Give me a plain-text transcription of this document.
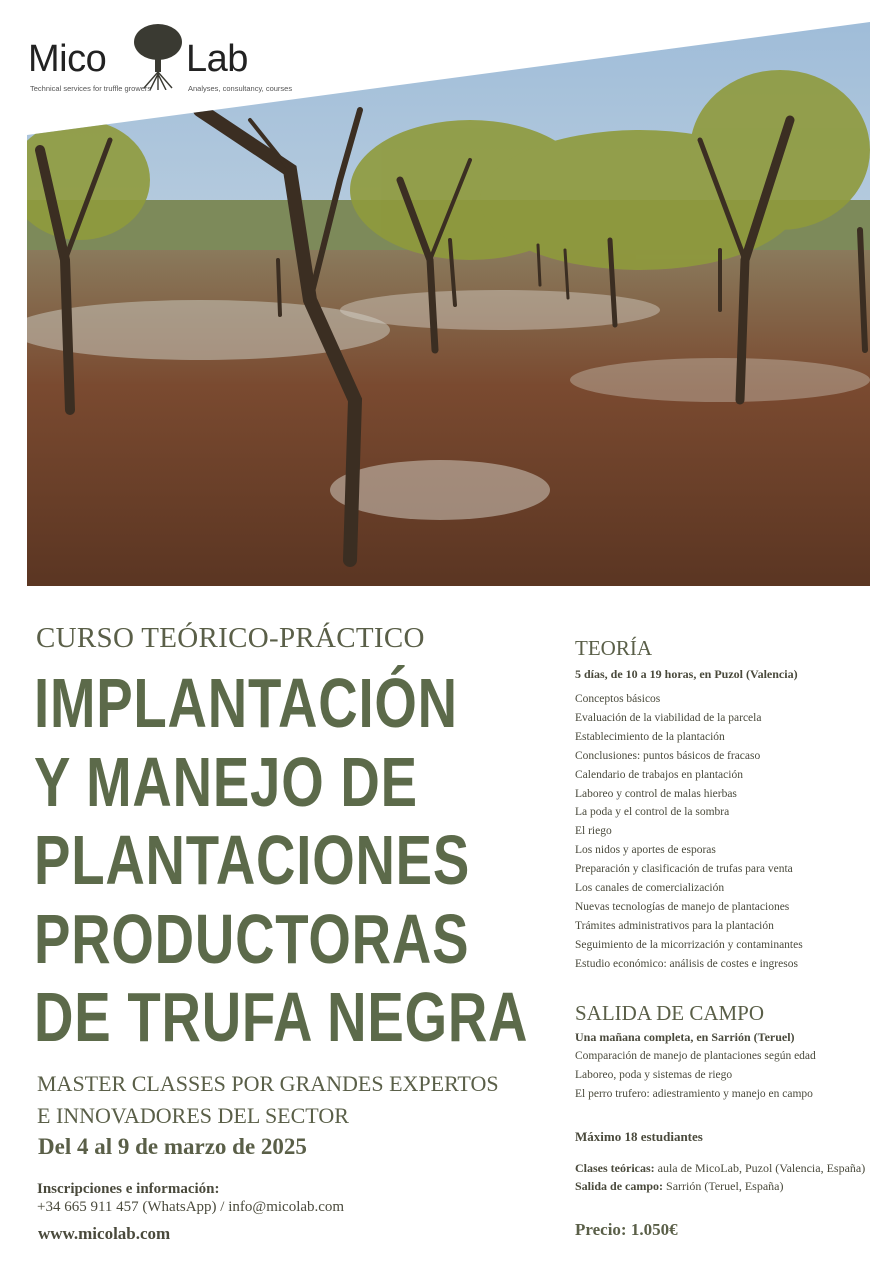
Mico Lab
Technical services for truffle growers	Analyses, consultancy, courses
CURSO TEÓRICO-PRÁCTICO
IMPLANTACIÓN
Y MANEJO DE
PLANTACIONES
PRODUCTORAS
DE TRUFA NEGRA
MASTER CLASSES POR GRANDES EXPERTOS
E INNOVADORES DEL SECTOR
Del 4 al 9 de marzo de 2025
Inscripciones e información:
+34 665 911 457 (WhatsApp) / info@micolab.com
www.micolab.com
TEORÍA
5 días, de 10 a 19 horas, en Puzol (Valencia)
Conceptos básicos
Evaluación de la viabilidad de la parcela
Establecimiento de la plantación
Conclusiones: puntos básicos de fracaso
Calendario de trabajos en plantación
Laboreo y control de malas hierbas
La poda y el control de la sombra
El riego
Los nidos y aportes de esporas
Preparación y clasificación de trufas para venta
Los canales de comercialización
Nuevas tecnologías de manejo de plantaciones
Trámites administrativos para la plantación
Seguimiento de la micorrización y contaminantes
Estudio económico: análisis de costes e ingresos
SALIDA DE CAMPO
Una mañana completa, en Sarrión (Teruel)
Comparación de manejo de plantaciones según edad
Laboreo, poda y sistemas de riego
El perro trufero: adiestramiento y manejo en campo
Máximo 18 estudiantes
Clases teóricas: aula de MicoLab, Puzol (Valencia, España)
Salida de campo: Sarrión (Teruel, España)
Precio: 1.050€
